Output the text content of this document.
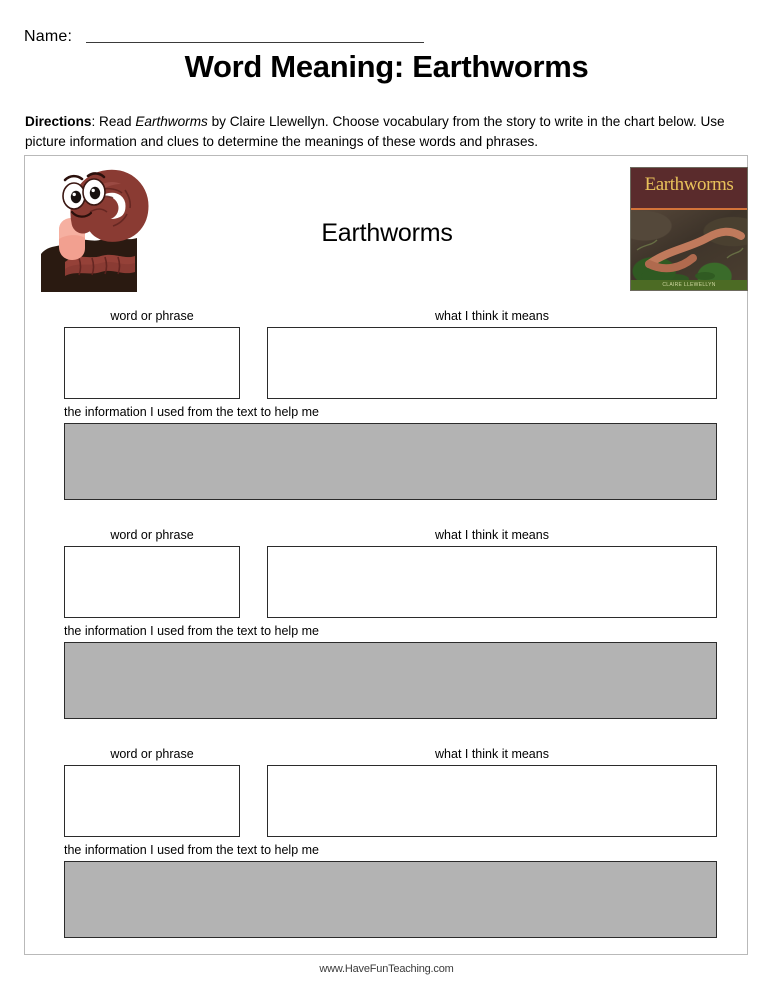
Name:
Word Meaning: Earthworms
Directions: Read Earthworms by Claire Llewellyn. Choose vocabulary from the story to write in the chart below. Use picture information and clues to determine the meanings of these words and phrases.
Earthworms
CLAIRE LLEWELLYN
Earthworms
word or phrase	what I think it means
the information I used from the text to help me
word or phrase	what I think it means
the information I used from the text to help me
word or phrase	what I think it means
the information I used from the text to help me
www.HaveFunTeaching.com
